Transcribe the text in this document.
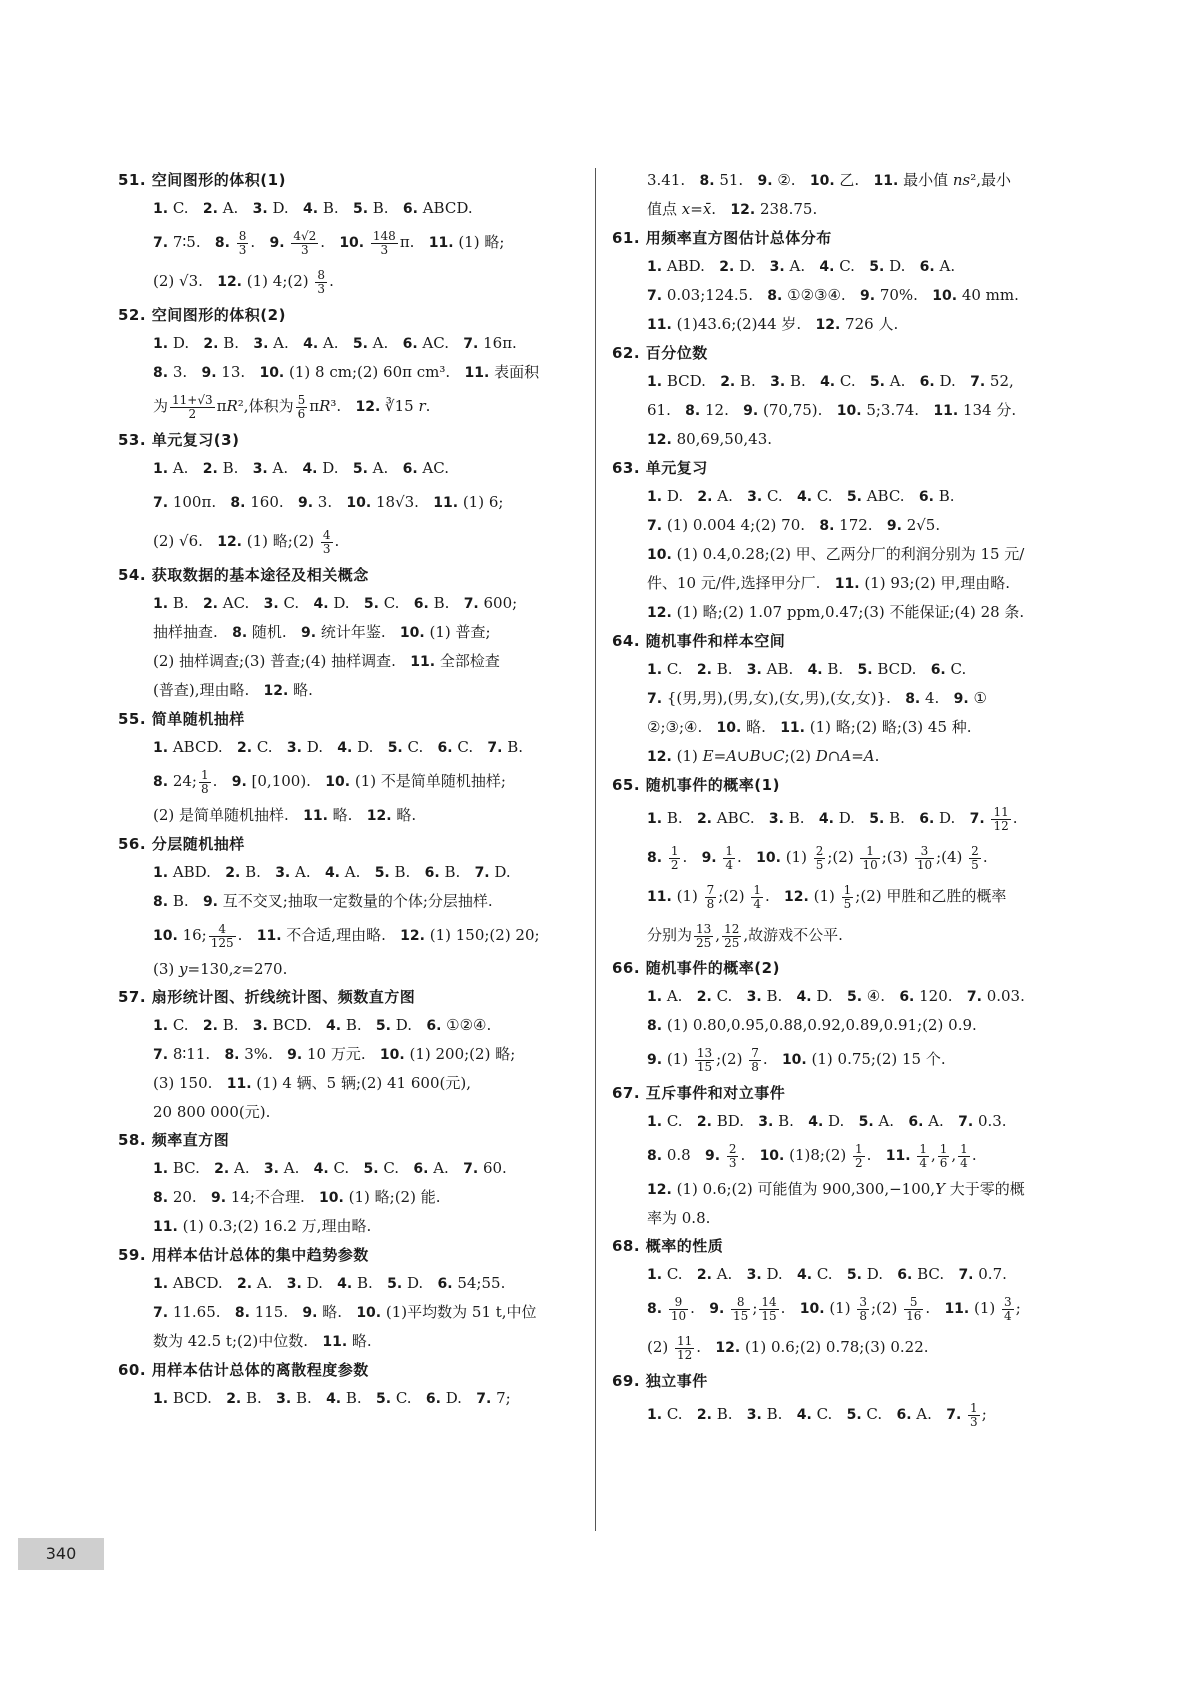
51. 空间图形的体积(1)
1. C.   2. A.   3. D.   4. B.   5. B.   6. ABCD.
7. 7∶5.   8. $\frac{8}{3}$ .   9. $\frac{4√2}{3}$ .   10. $\frac{148}{3} \pi$.   11. (1) 略;
(2) √3.   12. (1) 4;(2) $\frac{8}{3}$ .
52. 空间图形的体积(2)
1. D.   2. B.   3. A.   4. A.   5. A.   6. AC.   7. 16π.
8. 3.   9. 13.   10. (1) 8 cm;(2) 60π cm³.   11. 表面积
为 $\frac{11+√3}{2} \pi R^2$,体积为 $\frac{5}{6} \pi R^3$.   12. ∛15 r.
53. 单元复习(3)
1. A.   2. B.   3. A.   4. D.   5. A.   6. AC.
7. 100π.   8. 160.   9. 3.   10. 18√3.   11. (1) 6;
(2) √6.   12. (1) 略;(2) $\frac{4}{3}$ .
54. 获取数据的基本途径及相关概念
1. B.   2. AC.   3. C.   4. D.   5. C.   6. B.   7. 600;
抽样抽查.   8. 随机.   9. 统计年鉴.   10. (1) 普查;
(2) 抽样调查;(3) 普查;(4) 抽样调查.   11. 全部检查
(普查),理由略.   12. 略.
55. 简单随机抽样
1. ABCD.   2. C.   3. D.   4. D.   5. C.   6. C.   7. B.
8. 24; $\frac{1}{8}$ .   9. [0,100).   10. (1) 不是简单随机抽样;
(2) 是简单随机抽样.   11. 略.   12. 略.
56. 分层随机抽样
1. ABD.   2. B.   3. A.   4. A.   5. B.   6. B.   7. D.
8. B.   9. 互不交叉;抽取一定数量的个体;分层抽样.
10. 16; $\frac{4}{125}$ .   11. 不合适,理由略.   12. (1) 150;(2) 20;
(3) y=130,z=270.
57. 扇形统计图、折线统计图、频数直方图
1. C.   2. B.   3. BCD.   4. B.   5. D.   6. ①②④.
7. 8∶11.   8. 3%.   9. 10 万元.   10. (1) 200;(2) 略;
(3) 150.   11. (1) 4 辆、5 辆;(2) 41 600(元),
20 800 000(元).
58. 频率直方图
1. BC.   2. A.   3. A.   4. C.   5. C.   6. A.   7. 60.
8. 20.   9. 14;不合理.   10. (1) 略;(2) 能.
11. (1) 0.3;(2) 16.2 万,理由略.
59. 用样本估计总体的集中趋势参数
1. ABCD.   2. A.   3. D.   4. B.   5. D.   6. 54;55.
7. 11.65.   8. 115.   9. 略.   10. (1)平均数为 51 t,中位
数为 42.5 t;(2)中位数.   11. 略.
60. 用样本估计总体的离散程度参数
1. BCD.   2. B.   3. B.   4. B.   5. C.   6. D.   7. 7;
3.41.   8. 51.   9. ②.   10. 乙.   11. 最小值 ns²,最小
值点 x=x̄.   12. 238.75.
61. 用频率直方图估计总体分布
1. ABD.   2. D.   3. A.   4. C.   5. D.   6. A.
7. 0.03;124.5.   8. ①②③④.   9. 70%.   10. 40 mm.
11. (1)43.6;(2)44 岁.   12. 726 人.
62. 百分位数
1. BCD.   2. B.   3. B.   4. C.   5. A.   6. D.   7. 52,
61.   8. 12.   9. (70,75).   10. 5;3.74.   11. 134 分.
12. 80,69,50,43.
63. 单元复习
1. D.   2. A.   3. C.   4. C.   5. ABC.   6. B.
7. (1) 0.004 4;(2) 70.   8. 172.   9. 2√5.
10. (1) 0.4,0.28;(2) 甲、乙两分厂的利润分别为 15 元/
件、10 元/件,选择甲分厂.   11. (1) 93;(2) 甲,理由略.
12. (1) 略;(2) 1.07 ppm,0.47;(3) 不能保证;(4) 28 条.
64. 随机事件和样本空间
1. C.   2. B.   3. AB.   4. B.   5. BCD.   6. C.
7. {(男,男),(男,女),(女,男),(女,女)}.   8. 4.   9. ①
②;③;④.   10. 略.   11. (1) 略;(2) 略;(3) 45 种.
12. (1) E=A∪B∪C;(2) D∩A=A.
65. 随机事件的概率(1)
1. B.   2. ABC.   3. B.   4. D.   5. B.   6. D.   7. $\frac{11}{12}$ .
8. $\frac{1}{2}$ .   9. $\frac{1}{4}$ .   10. $(1) \frac{2}{5}$ ;(2) $\frac{1}{10}$ ;(3) $\frac{3}{10}$ ;(4) $\frac{2}{5}$ .
11. $(1) \frac{7}{8}$ ;(2) $\frac{1}{4}$ .   12. $(1) \frac{1}{5}$ ;(2) 甲胜和乙胜的概率
分别为 $\frac{13}{25}$ , $\frac{12}{25}$ ,故游戏不公平.
66. 随机事件的概率(2)
1. A.   2. C.   3. B.   4. D.   5. ④.   6. 120.   7. 0.03.
8. (1) 0.80,0.95,0.88,0.92,0.89,0.91;(2) 0.9.
9. $(1) \frac{13}{15}$ ;(2) $\frac{7}{8}$ .   10. (1) 0.75;(2) 15 个.
67. 互斥事件和对立事件
1. C.   2. BD.   3. B.   4. D.   5. A.   6. A.   7. 0.3.
8. 0.8   9. $\frac{2}{3}$ .   10. (1)8;(2) $\frac{1}{2}$ .   11. $\frac{1}{4}$ , $\frac{1}{6}$ , $\frac{1}{4}$ .
12. (1) 0.6;(2) 可能值为 900,300,−100,Y 大于零的概
率为 0.8.
68. 概率的性质
1. C.   2. A.   3. D.   4. C.   5. D.   6. BC.   7. 0.7.
8. $\frac{9}{10}$ .   9. $\frac{8}{15}$ ; $\frac{14}{15}$ .   10. $(1) \frac{3}{8}$ ;(2) $\frac{5}{16}$ .   11. $(1) \frac{3}{4}$ ;
$(2) \frac{11}{12}$ .   12. (1) 0.6;(2) 0.78;(3) 0.22.
69. 独立事件
1. C.   2. B.   3. B.   4. C.   5. C.   6. A.   7. $\frac{1}{3}$ ;
340
